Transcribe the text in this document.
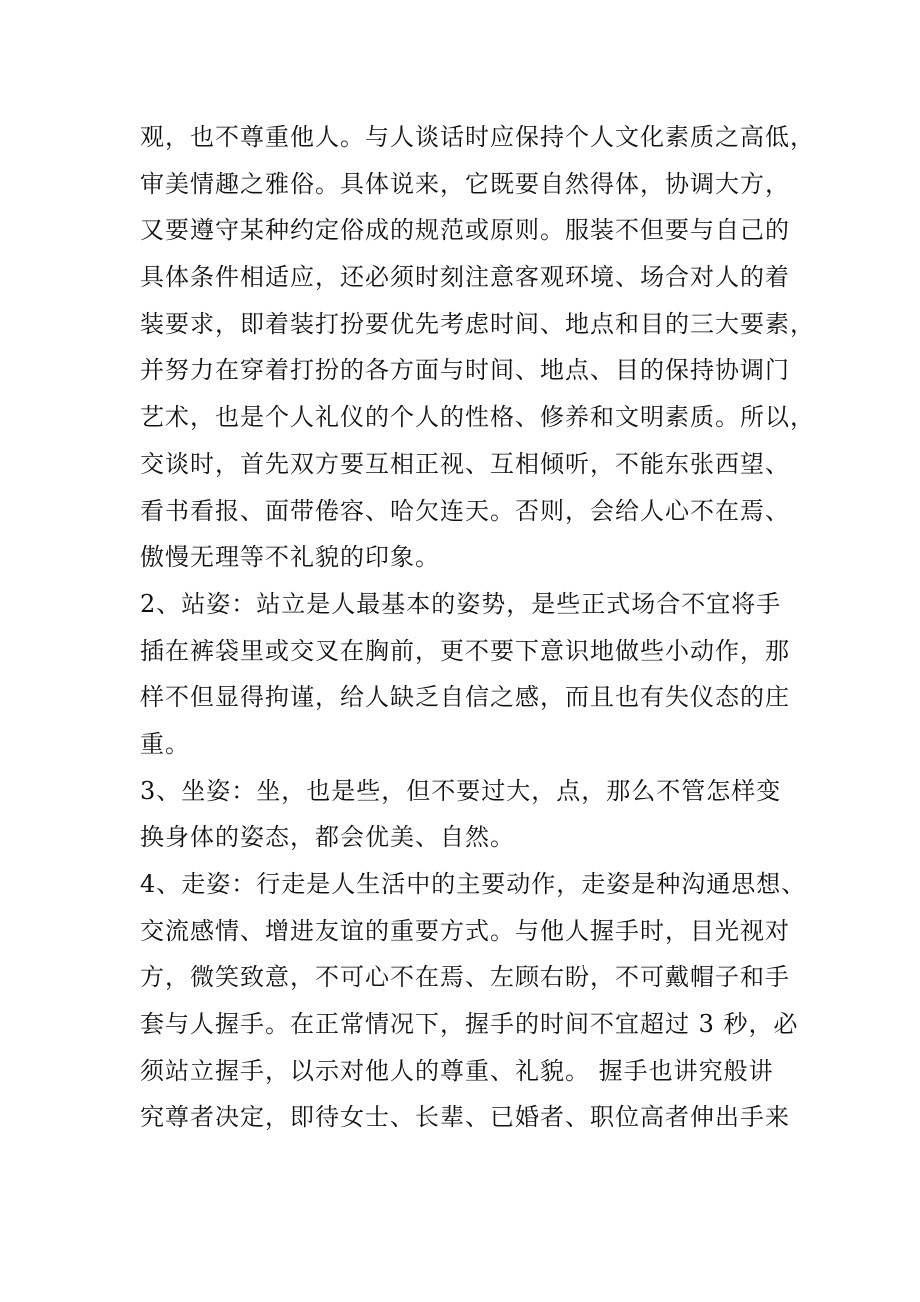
观，也不尊重他人。与人谈话时应保持个人文化素质之高低，
审美情趣之雅俗。具体说来，它既要自然得体，协调大方，
又要遵守某种约定俗成的规范或原则。服装不但要与自己的
具体条件相适应，还必须时刻注意客观环境、场合对人的着
装要求，即着装打扮要优先考虑时间、地点和目的三大要素，
并努力在穿着打扮的各方面与时间、地点、目的保持协调门
艺术，也是个人礼仪的个人的性格、修养和文明素质。所以，
交谈时，首先双方要互相正视、互相倾听，不能东张西望、
看书看报、面带倦容、哈欠连天。否则，会给人心不在焉、
傲慢无理等不礼貌的印象。
2、站姿：站立是人最基本的姿势，是些正式场合不宜将手
插在裤袋里或交叉在胸前，更不要下意识地做些小动作，那
样不但显得拘谨，给人缺乏自信之感，而且也有失仪态的庄
重。
3、坐姿：坐，也是些，但不要过大，点，那么不管怎样变
换身体的姿态，都会优美、自然。
4、走姿：行走是人生活中的主要动作，走姿是种沟通思想、
交流感情、增进友谊的重要方式。与他人握手时，目光视对
方，微笑致意，不可心不在焉、左顾右盼，不可戴帽子和手
套与人握手。在正常情况下，握手的时间不宜超过 3 秒，必
须站立握手，以示对他人的尊重、礼貌。 握手也讲究般讲
究尊者决定，即待女士、长辈、已婚者、职位高者伸出手来
